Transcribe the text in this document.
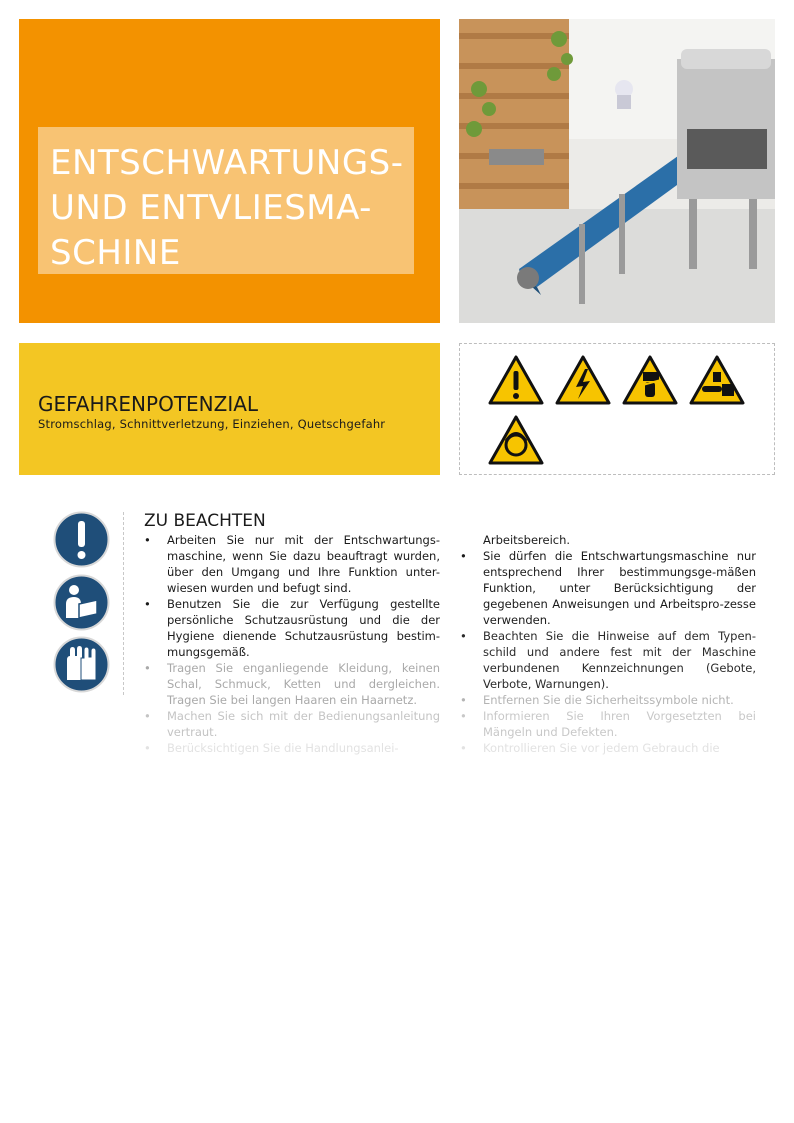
ENTSCHWARTUNGS-
UND ENTVLIESMA-
SCHINE
GEFAHRENPOTENZIAL
Stromschlag, Schnittverletzung, Einziehen, Quetschgefahr
ZU BEACHTEN
• Arbeiten Sie nur mit der Entschwartungs-maschine, wenn Sie dazu beauftragt wurden, über den Umgang und Ihre Funktion unter-wiesen wurden und befugt sind.
• Benutzen Sie die zur Verfügung gestellte persönliche Schutzausrüstung und die der Hygiene dienende Schutzausrüstung bestim-mungsgemäß.
• Tragen Sie enganliegende Kleidung, keinen Schal, Schmuck, Ketten und dergleichen. Tragen Sie bei langen Haaren ein Haarnetz.
• Machen Sie sich mit der Bedienungsanleitung vertraut.
• Berücksichtigen Sie die Handlungsanlei-
Arbeitsbereich.
• Sie dürfen die Entschwartungsmaschine nur entsprechend Ihrer bestimmungsge-mäßen Funktion, unter Berücksichtigung der gegebenen Anweisungen und Arbeitspro-zesse verwenden.
• Beachten Sie die Hinweise auf dem Typen-schild und andere fest mit der Maschine verbundenen Kennzeichnungen (Gebote, Verbote, Warnungen).
• Entfernen Sie die Sicherheitssymbole nicht.
• Informieren Sie Ihren Vorgesetzten bei Mängeln und Defekten.
• Kontrollieren Sie vor jedem Gebrauch die
